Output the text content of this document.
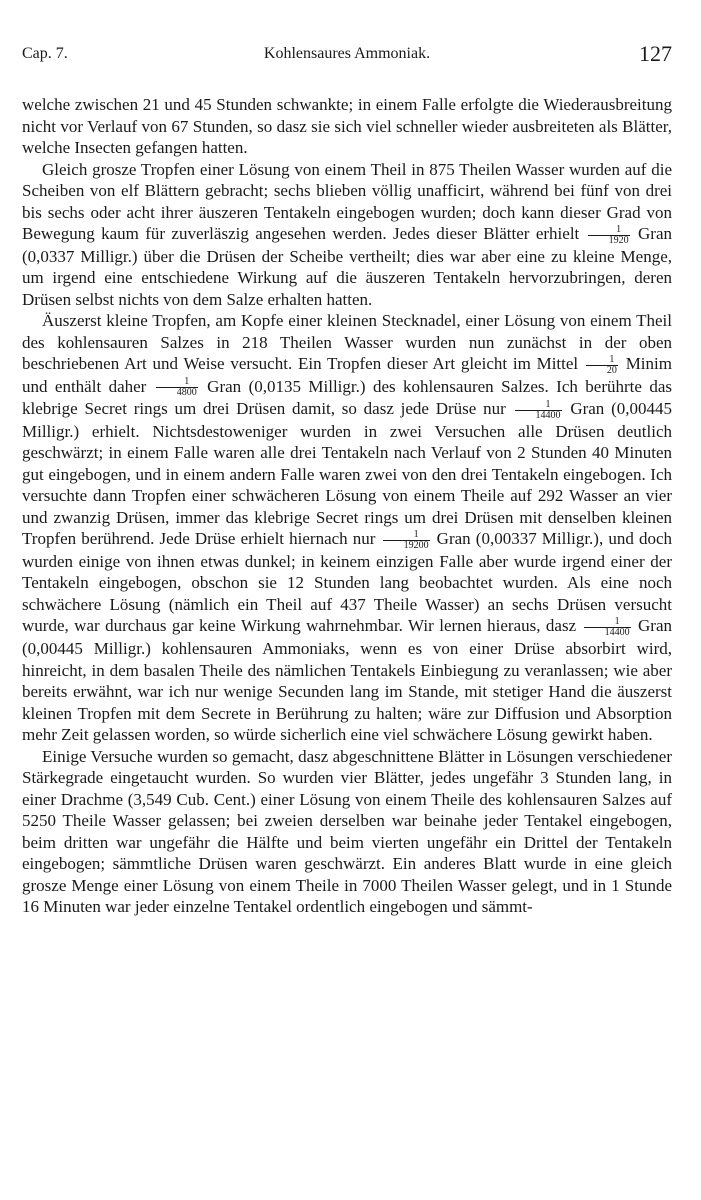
Cap. 7.	Kohlensaures Ammoniak.	127

welche zwischen 21 und 45 Stunden schwankte; in einem Falle erfolgte die Wiederausbreitung nicht vor Verlauf von 67 Stunden, so dasz sie sich viel schneller wieder ausbreiteten als Blätter, welche Insecten gefangen hatten.

Gleich grosze Tropfen einer Lösung von einem Theil in 875 Theilen Wasser wurden auf die Scheiben von elf Blättern gebracht; sechs blieben völlig unafficirt, während bei fünf von drei bis sechs oder acht ihrer äuszeren Tentakeln eingebogen wurden; doch kann dieser Grad von Bewegung kaum für zuverläszig angesehen werden. Jedes dieser Blätter erhielt $\frac{1}{1920}$ Gran (0,0337 Milligr.) über die Drüsen der Scheibe vertheilt; dies war aber eine zu kleine Menge, um irgend eine entschiedene Wirkung auf die äuszeren Tentakeln hervorzubringen, deren Drüsen selbst nichts von dem Salze erhalten hatten.

Äuszerst kleine Tropfen, am Kopfe einer kleinen Stecknadel, einer Lösung von einem Theil des kohlensauren Salzes in 218 Theilen Wasser wurden nun zunächst in der oben beschriebenen Art und Weise versucht. Ein Tropfen dieser Art gleicht im Mittel $\frac{1}{20}$ Minim und enthält daher $\frac{1}{4800}$ Gran (0,0135 Milligr.) des kohlensauren Salzes. Ich berührte das klebrige Secret rings um drei Drüsen damit, so dasz jede Drüse nur $\frac{1}{14400}$ Gran (0,00445 Milligr.) erhielt. Nichtsdestoweniger wurden in zwei Versuchen alle Drüsen deutlich geschwärzt; in einem Falle waren alle drei Tentakeln nach Verlauf von 2 Stunden 40 Minuten gut eingebogen, und in einem andern Falle waren zwei von den drei Tentakeln eingebogen. Ich versuchte dann Tropfen einer schwächeren Lösung von einem Theile auf 292 Wasser an vier und zwanzig Drüsen, immer das klebrige Secret rings um drei Drüsen mit denselben kleinen Tropfen berührend. Jede Drüse erhielt hiernach nur $\frac{1}{19200}$ Gran (0,00337 Milligr.), und doch wurden einige von ihnen etwas dunkel; in keinem einzigen Falle aber wurde irgend einer der Tentakeln eingebogen, obschon sie 12 Stunden lang beobachtet wurden. Als eine noch schwächere Lösung (nämlich ein Theil auf 437 Theile Wasser) an sechs Drüsen versucht wurde, war durchaus gar keine Wirkung wahrnehmbar. Wir lernen hieraus, dasz $\frac{1}{14400}$ Gran (0,00445 Milligr.) kohlensauren Ammoniaks, wenn es von einer Drüse absorbirt wird, hinreicht, in dem basalen Theile des nämlichen Tentakels Einbiegung zu veranlassen; wie aber bereits erwähnt, war ich nur wenige Secunden lang im Stande, mit stetiger Hand die äuszerst kleinen Tropfen mit dem Secrete in Berührung zu halten; wäre zur Diffusion und Absorption mehr Zeit gelassen worden, so würde sicherlich eine viel schwächere Lösung gewirkt haben.

Einige Versuche wurden so gemacht, dasz abgeschnittene Blätter in Lösungen verschiedener Stärkegrade eingetaucht wurden. So wurden vier Blätter, jedes ungefähr 3 Stunden lang, in einer Drachme (3,549 Cub. Cent.) einer Lösung von einem Theile des kohlensauren Salzes auf 5250 Theile Wasser gelassen; bei zweien derselben war beinahe jeder Tentakel eingebogen, beim dritten war ungefähr die Hälfte und beim vierten ungefähr ein Drittel der Tentakeln eingebogen; sämmtliche Drüsen waren geschwärzt. Ein anderes Blatt wurde in eine gleich grosze Menge einer Lösung von einem Theile in 7000 Theilen Wasser gelegt, und in 1 Stunde 16 Minuten war jeder einzelne Tentakel ordentlich eingebogen und sämmt-
